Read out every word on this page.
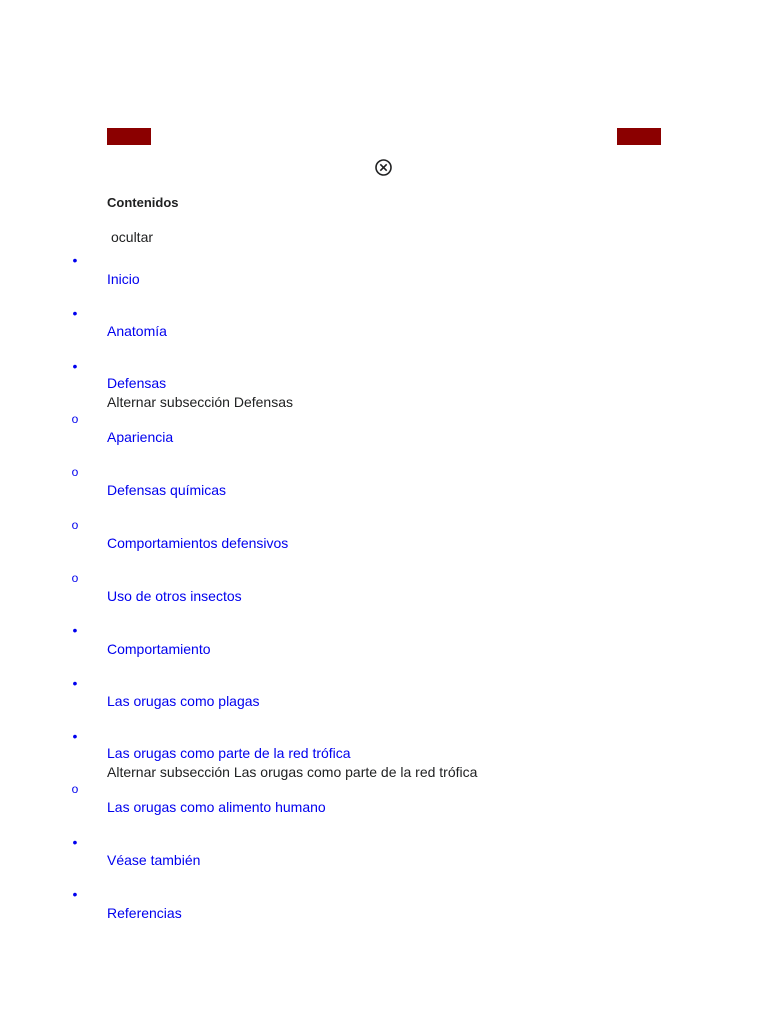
Contenidos
ocultar
•
Inicio
•
Anatomía
•
Defensas
Alternar subsección Defensas
o
Apariencia
o
Defensas químicas
o
Comportamientos defensivos
o
Uso de otros insectos
•
Comportamiento
•
Las orugas como plagas
•
Las orugas como parte de la red trófica
Alternar subsección Las orugas como parte de la red trófica
o
Las orugas como alimento humano
•
Véase también
•
Referencias
